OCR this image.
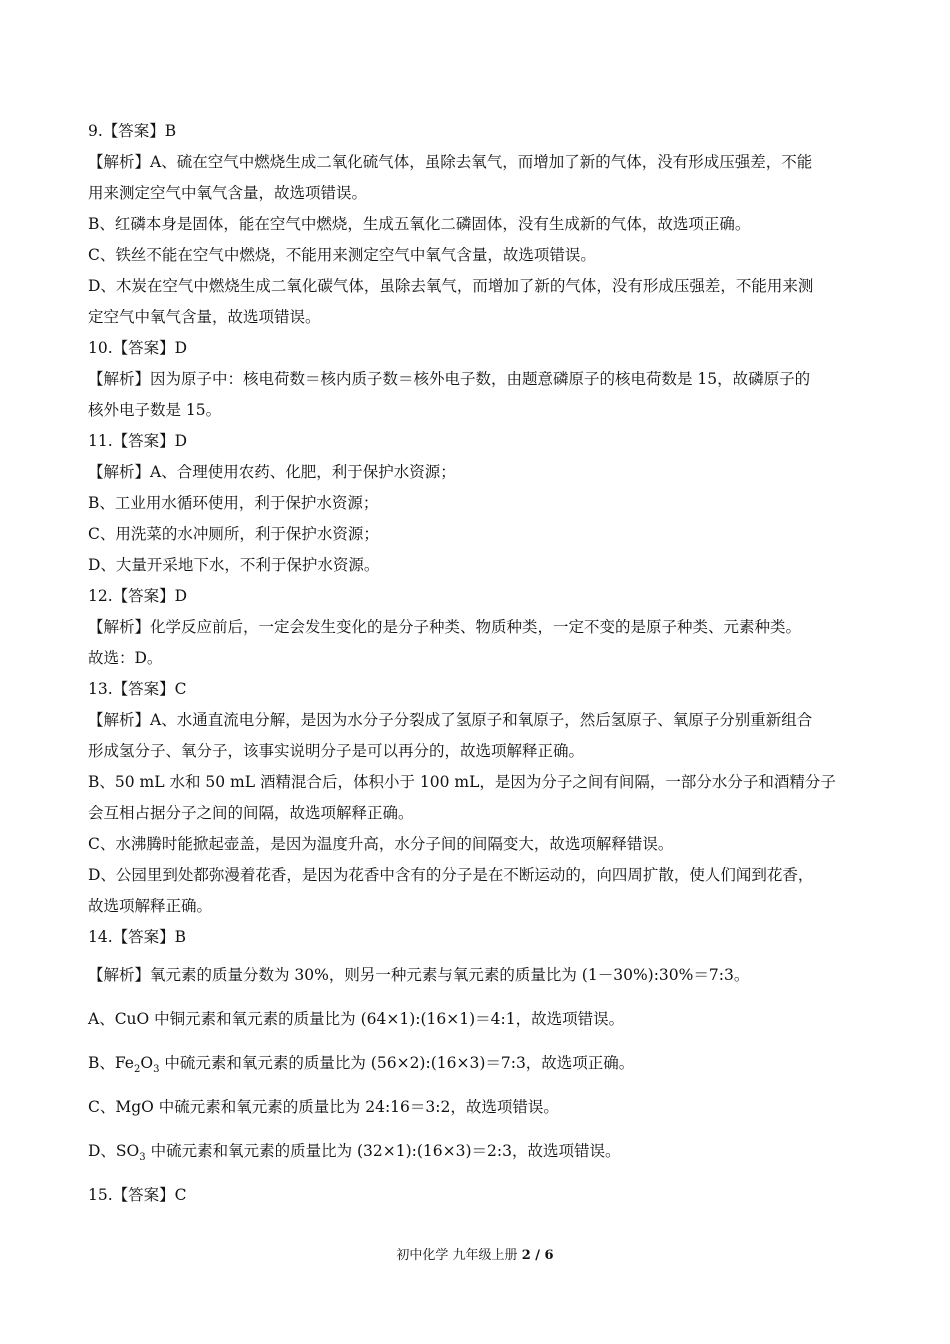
9.【答案】B
【解析】A、硫在空气中燃烧生成二氧化硫气体，虽除去氧气，而增加了新的气体，没有形成压强差，不能
用来测定空气中氧气含量，故选项错误。
B、红磷本身是固体，能在空气中燃烧，生成五氧化二磷固体，没有生成新的气体，故选项正确。
C、铁丝不能在空气中燃烧，不能用来测定空气中氧气含量，故选项错误。
D、木炭在空气中燃烧生成二氧化碳气体，虽除去氧气，而增加了新的气体，没有形成压强差，不能用来测
定空气中氧气含量，故选项错误。
10.【答案】D
【解析】因为原子中：核电荷数＝核内质子数＝核外电子数，由题意磷原子的核电荷数是 15，故磷原子的
核外电子数是 15。
11.【答案】D
【解析】A、合理使用农药、化肥，利于保护水资源；
B、工业用水循环使用，利于保护水资源；
C、用洗菜的水冲厕所，利于保护水资源；
D、大量开采地下水，不利于保护水资源。
12.【答案】D
【解析】化学反应前后，一定会发生变化的是分子种类、物质种类，一定不变的是原子种类、元素种类。
故选：D。
13.【答案】C
【解析】A、水通直流电分解，是因为水分子分裂成了氢原子和氧原子，然后氢原子、氧原子分别重新组合
形成氢分子、氧分子，该事实说明分子是可以再分的，故选项解释正确。
B、50 mL 水和 50 mL 酒精混合后，体积小于 100 mL，是因为分子之间有间隔，一部分水分子和酒精分子
会互相占据分子之间的间隔，故选项解释正确。
C、水沸腾时能掀起壶盖，是因为温度升高，水分子间的间隔变大，故选项解释错误。
D、公园里到处都弥漫着花香，是因为花香中含有的分子是在不断运动的，向四周扩散，使人们闻到花香，
故选项解释正确。
14.【答案】B
【解析】氧元素的质量分数为 30%，则另一种元素与氧元素的质量比为 (1－30%):30%＝7:3。
A、CuO 中铜元素和氧元素的质量比为 (64×1):(16×1)＝4:1，故选项错误。
B、$Fe_2O_3$ 中硫元素和氧元素的质量比为 (56×2):(16×3)＝7:3，故选项正确。
C、MgO 中硫元素和氧元素的质量比为 24:16＝3:2，故选项错误。
D、$SO_3$ 中硫元素和氧元素的质量比为 (32×1):(16×3)＝2:3，故选项错误。
15.【答案】C
初中化学 九年级上册 2 / 6
